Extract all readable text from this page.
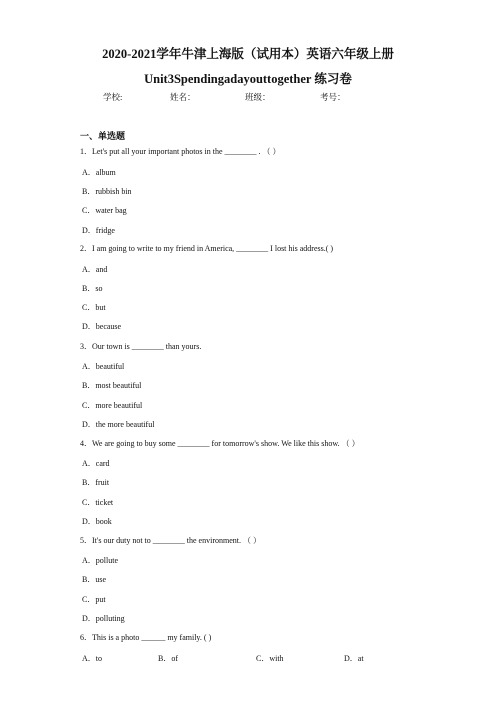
2020-2021学年牛津上海版（试用本）英语六年级上册
Unit3Spendingadayouttogether 练习卷
学校:	姓名：	班级：	考号：
一、单选题
1．Let's put all your important photos in the ________ . （ ）
A．album
B．rubbish bin
C．water bag
D．fridge
2．I am going to write to my friend in America, ________ I lost his address.( )
A．and
B．so
C．but
D．because
3．Our town is ________ than yours.
A．beautiful
B．most beautiful
C．more beautiful
D．the more beautiful
4．We are going to buy some ________ for tomorrow's show. We like this show. （ ）
A．card
B．fruit
C．ticket
D．book
5．It's our duty not to ________ the environment. （ ）
A．pollute
B．use
C．put
D．polluting
6．This is a photo ______ my family. ( )
A．to	B．of	C．with	D．at
